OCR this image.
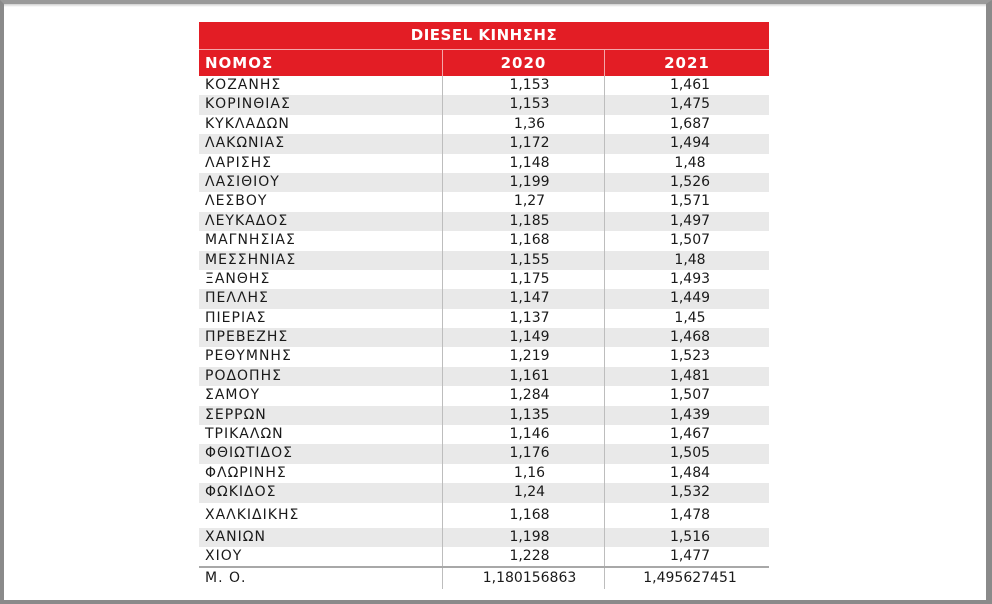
DIESEL ΚΙΝΗΣΗΣ
ΝΟΜΟΣ	2020	2021
ΚΟΖΑΝΗΣ	1,153	1,461
ΚΟΡΙΝΘΙΑΣ	1,153	1,475
ΚΥΚΛΑΔΩΝ	1,36	1,687
ΛΑΚΩΝΙΑΣ	1,172	1,494
ΛΑΡΙΣΗΣ	1,148	1,48
ΛΑΣΙΘΙΟΥ	1,199	1,526
ΛΕΣΒΟΥ	1,27	1,571
ΛΕΥΚΑΔΟΣ	1,185	1,497
ΜΑΓΝΗΣΙΑΣ	1,168	1,507
ΜΕΣΣΗΝΙΑΣ	1,155	1,48
ΞΑΝΘΗΣ	1,175	1,493
ΠΕΛΛΗΣ	1,147	1,449
ΠΙΕΡΙΑΣ	1,137	1,45
ΠΡΕΒΕΖΗΣ	1,149	1,468
ΡΕΘΥΜΝΗΣ	1,219	1,523
ΡΟΔΟΠΗΣ	1,161	1,481
ΣΑΜΟΥ	1,284	1,507
ΣΕΡΡΩΝ	1,135	1,439
ΤΡΙΚΑΛΩΝ	1,146	1,467
ΦΘΙΩΤΙΔΟΣ	1,176	1,505
ΦΛΩΡΙΝΗΣ	1,16	1,484
ΦΩΚΙΔΟΣ	1,24	1,532
ΧΑΛΚΙΔΙΚΗΣ	1,168	1,478
ΧΑΝΙΩΝ	1,198	1,516
ΧΙΟΥ	1,228	1,477
Μ. Ο.	1,180156863	1,495627451
